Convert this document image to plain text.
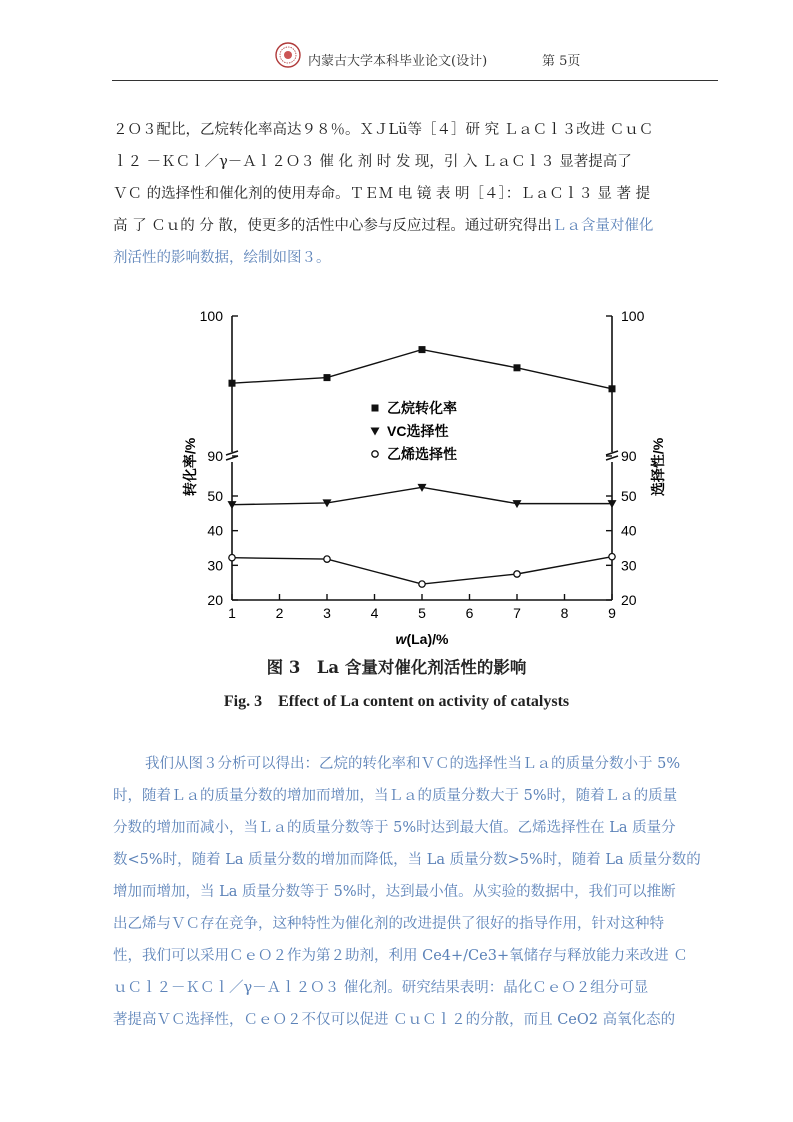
内蒙古大学本科毕业论文(设计)	第 5页
２Ｏ３配比，乙烷转化率高达９８％。ＸＪLü等［４］研 究 ＬａＣｌ３改进 ＣｕＣ
ｌ２ －ＫＣｌ／γ－Ａｌ２Ｏ３ 催 化 剂 时 发 现，引 入 ＬａＣｌ３ 显著提高了
ＶＣ 的选择性和催化剂的使用寿命。ＴＥＭ 电 镜 表 明［４］：ＬａＣｌ３ 显 著 提
高 了 Ｃｕ的 分 散，使更多的活性中心参与反应过程。通过研究得出Ｌａ含量对催化
剂活性的影响数据，绘制如图３。
100	100
90	90
50	50
40	40
30	30
20	20
1	2	3	4	5	6	7	8	9
w(La)/%
转化率/%	选择性/%
乙烷转化率
VC选择性
乙烯选择性
图 3　La 含量对催化剂活性的影响
Fig. 3　Effect of La content on activity of catalysts
我们从图３分析可以得出：乙烷的转化率和ＶＣ的选择性当Ｌａ的质量分数小于 5%
时，随着Ｌａ的质量分数的增加而增加，当Ｌａ的质量分数大于 5%时，随着Ｌａ的质量
分数的增加而减小，当Ｌａ的质量分数等于 5%时达到最大值。乙烯选择性在 La 质量分
数<5%时，随着 La 质量分数的增加而降低，当 La 质量分数>5%时，随着 La 质量分数的
增加而增加，当 La 质量分数等于 5%时，达到最小值。从实验的数据中，我们可以推断
出乙烯与ＶＣ存在竞争，这种特性为催化剂的改进提供了很好的指导作用，针对这种特
性，我们可以采用ＣｅＯ２作为第２助剂，利用 Ce4+/Ce3+氧储存与释放能力来改进 Ｃ
ｕＣｌ２－ＫＣｌ／γ－Ａｌ２Ｏ３ 催化剂。研究结果表明：晶化ＣｅＯ２组分可显
著提高ＶＣ选择性，ＣｅＯ２不仅可以促进 ＣｕＣｌ２的分散，而且 CeO2 高氧化态的
